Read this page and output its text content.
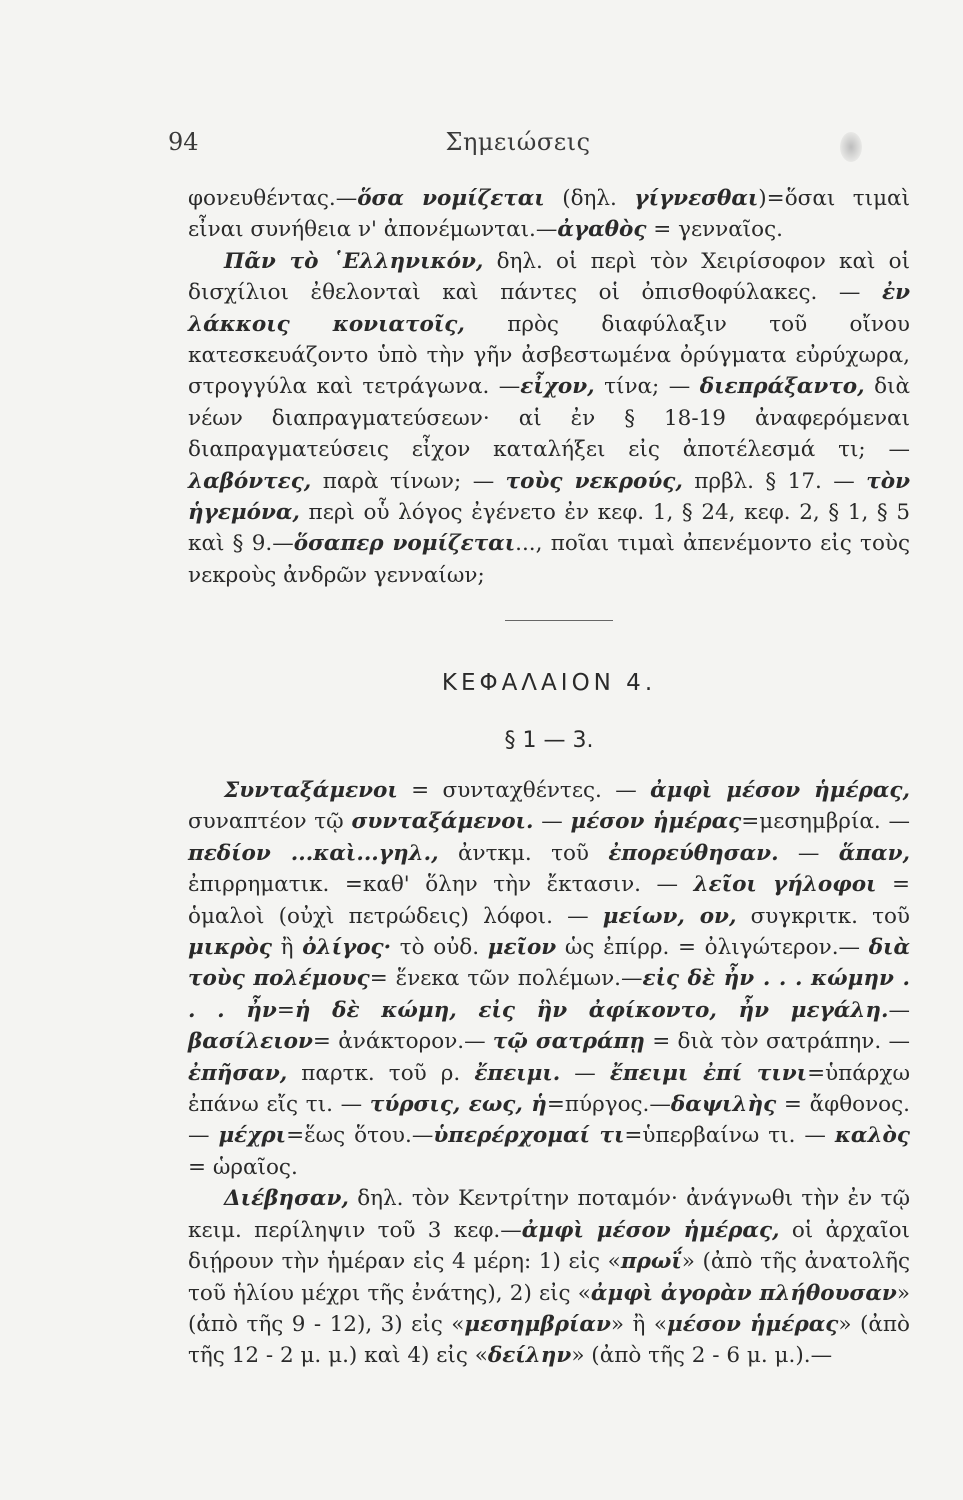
94	Σημειώσεις

φονευθέντας.—ὅσα νομίζεται (δηλ. γίγνεσθαι)=ὅσαι τιμαὶ εἶναι συνήθεια ν' ἀπονέμωνται.—ἀγαθὸς = γενναῖος.

Πᾶν τὸ ῾Ελληνικόν, δηλ. οἱ περὶ τὸν Χειρίσοφον καὶ οἱ δισχίλιοι ἐθελονταὶ καὶ πάντες οἱ ὀπισθοφύλακες. — ἐν λάκκοις κονιατοῖς, πρὸς διαφύλαξιν τοῦ οἴνου κατεσκευάζοντο ὑπὸ τὴν γῆν ἀσβεστωμένα ὀρύγματα εὐρύχωρα, στρογγύλα καὶ τετράγωνα. —εἶχον, τίνα; — διεπράξαντο, διὰ νέων διαπραγματεύσεων· αἱ ἐν § 18-19 ἀναφερόμεναι διαπραγματεύσεις εἶχον καταλήξει εἰς ἀποτέλεσμά τι; — λαβόντες, παρὰ τίνων; — τοὺς νεκρούς, πρβλ. § 17. — τὸν ἡγεμόνα, περὶ οὗ λόγος ἐγένετο ἐν κεφ. 1, § 24, κεφ. 2, § 1, § 5 καὶ § 9.—ὅσαπερ νομίζεται..., ποῖαι τιμαὶ ἀπενέμοντο εἰς τοὺς νεκροὺς ἀνδρῶν γενναίων;

ΚΕΦΑΛΑΙΟΝ 4.
§ 1 — 3.

Συνταξάμενοι = συνταχθέντες. — ἀμφὶ μέσον ἡμέρας, συναπτέον τῷ συνταξάμενοι. — μέσον ἡμέρας=μεσημβρία. — πεδίον ...καὶ...γηλ., ἀντκμ. τοῦ ἐπορεύθησαν. — ἅπαν, ἐπιρρηματικ. =καθ' ὅλην τὴν ἔκτασιν. — λεῖοι γήλοφοι = ὁμαλοὶ (οὐχὶ πετρώδεις) λόφοι. — μείων, ον, συγκριτκ. τοῦ μικρὸς ἢ ὀλίγος· τὸ οὐδ. μεῖον ὡς ἐπίρρ. = ὀλιγώτερον.— διὰ τοὺς πολέμους= ἕνεκα τῶν πολέμων.—εἰς δὲ ἦν . . . κώμην . . . ἦν=ἡ δὲ κώμη, εἰς ἣν ἀφίκοντο, ἦν μεγάλη.— βασίλειον= ἀνάκτορον.— τῷ σατράπῃ = διὰ τὸν σατράπην. — ἐπῆσαν, παρτκ. τοῦ ρ. ἔπειμι. — ἔπειμι ἐπί τινι=ὑπάρχω ἐπάνω εἴς τι. — τύρσις, εως, ἡ=πύργος.—δαψιλὴς = ἄφθονος. — μέχρι=ἕως ὅτου.—ὑπερέρχομαί τι=ὑπερβαίνω τι. — καλὸς = ὡραῖος.

Διέβησαν, δηλ. τὸν Κεντρίτην ποταμόν· ἀνάγνωθι τὴν ἐν τῷ κειμ. περίληψιν τοῦ 3 κεφ.—ἀμφὶ μέσον ἡμέρας, οἱ ἀρχαῖοι διῄρουν τὴν ἡμέραν εἰς 4 μέρη: 1) εἰς «πρωΐ» (ἀπὸ τῆς ἀνατολῆς τοῦ ἡλίου μέχρι τῆς ἐνάτης), 2) εἰς «ἀμφὶ ἀγορὰν πλήθουσαν» (ἀπὸ τῆς 9 - 12), 3) εἰς «μεσημβρίαν» ἢ «μέσον ἡμέρας» (ἀπὸ τῆς 12 - 2 μ. μ.) καὶ 4) εἰς «δείλην» (ἀπὸ τῆς 2 - 6 μ. μ.).—
